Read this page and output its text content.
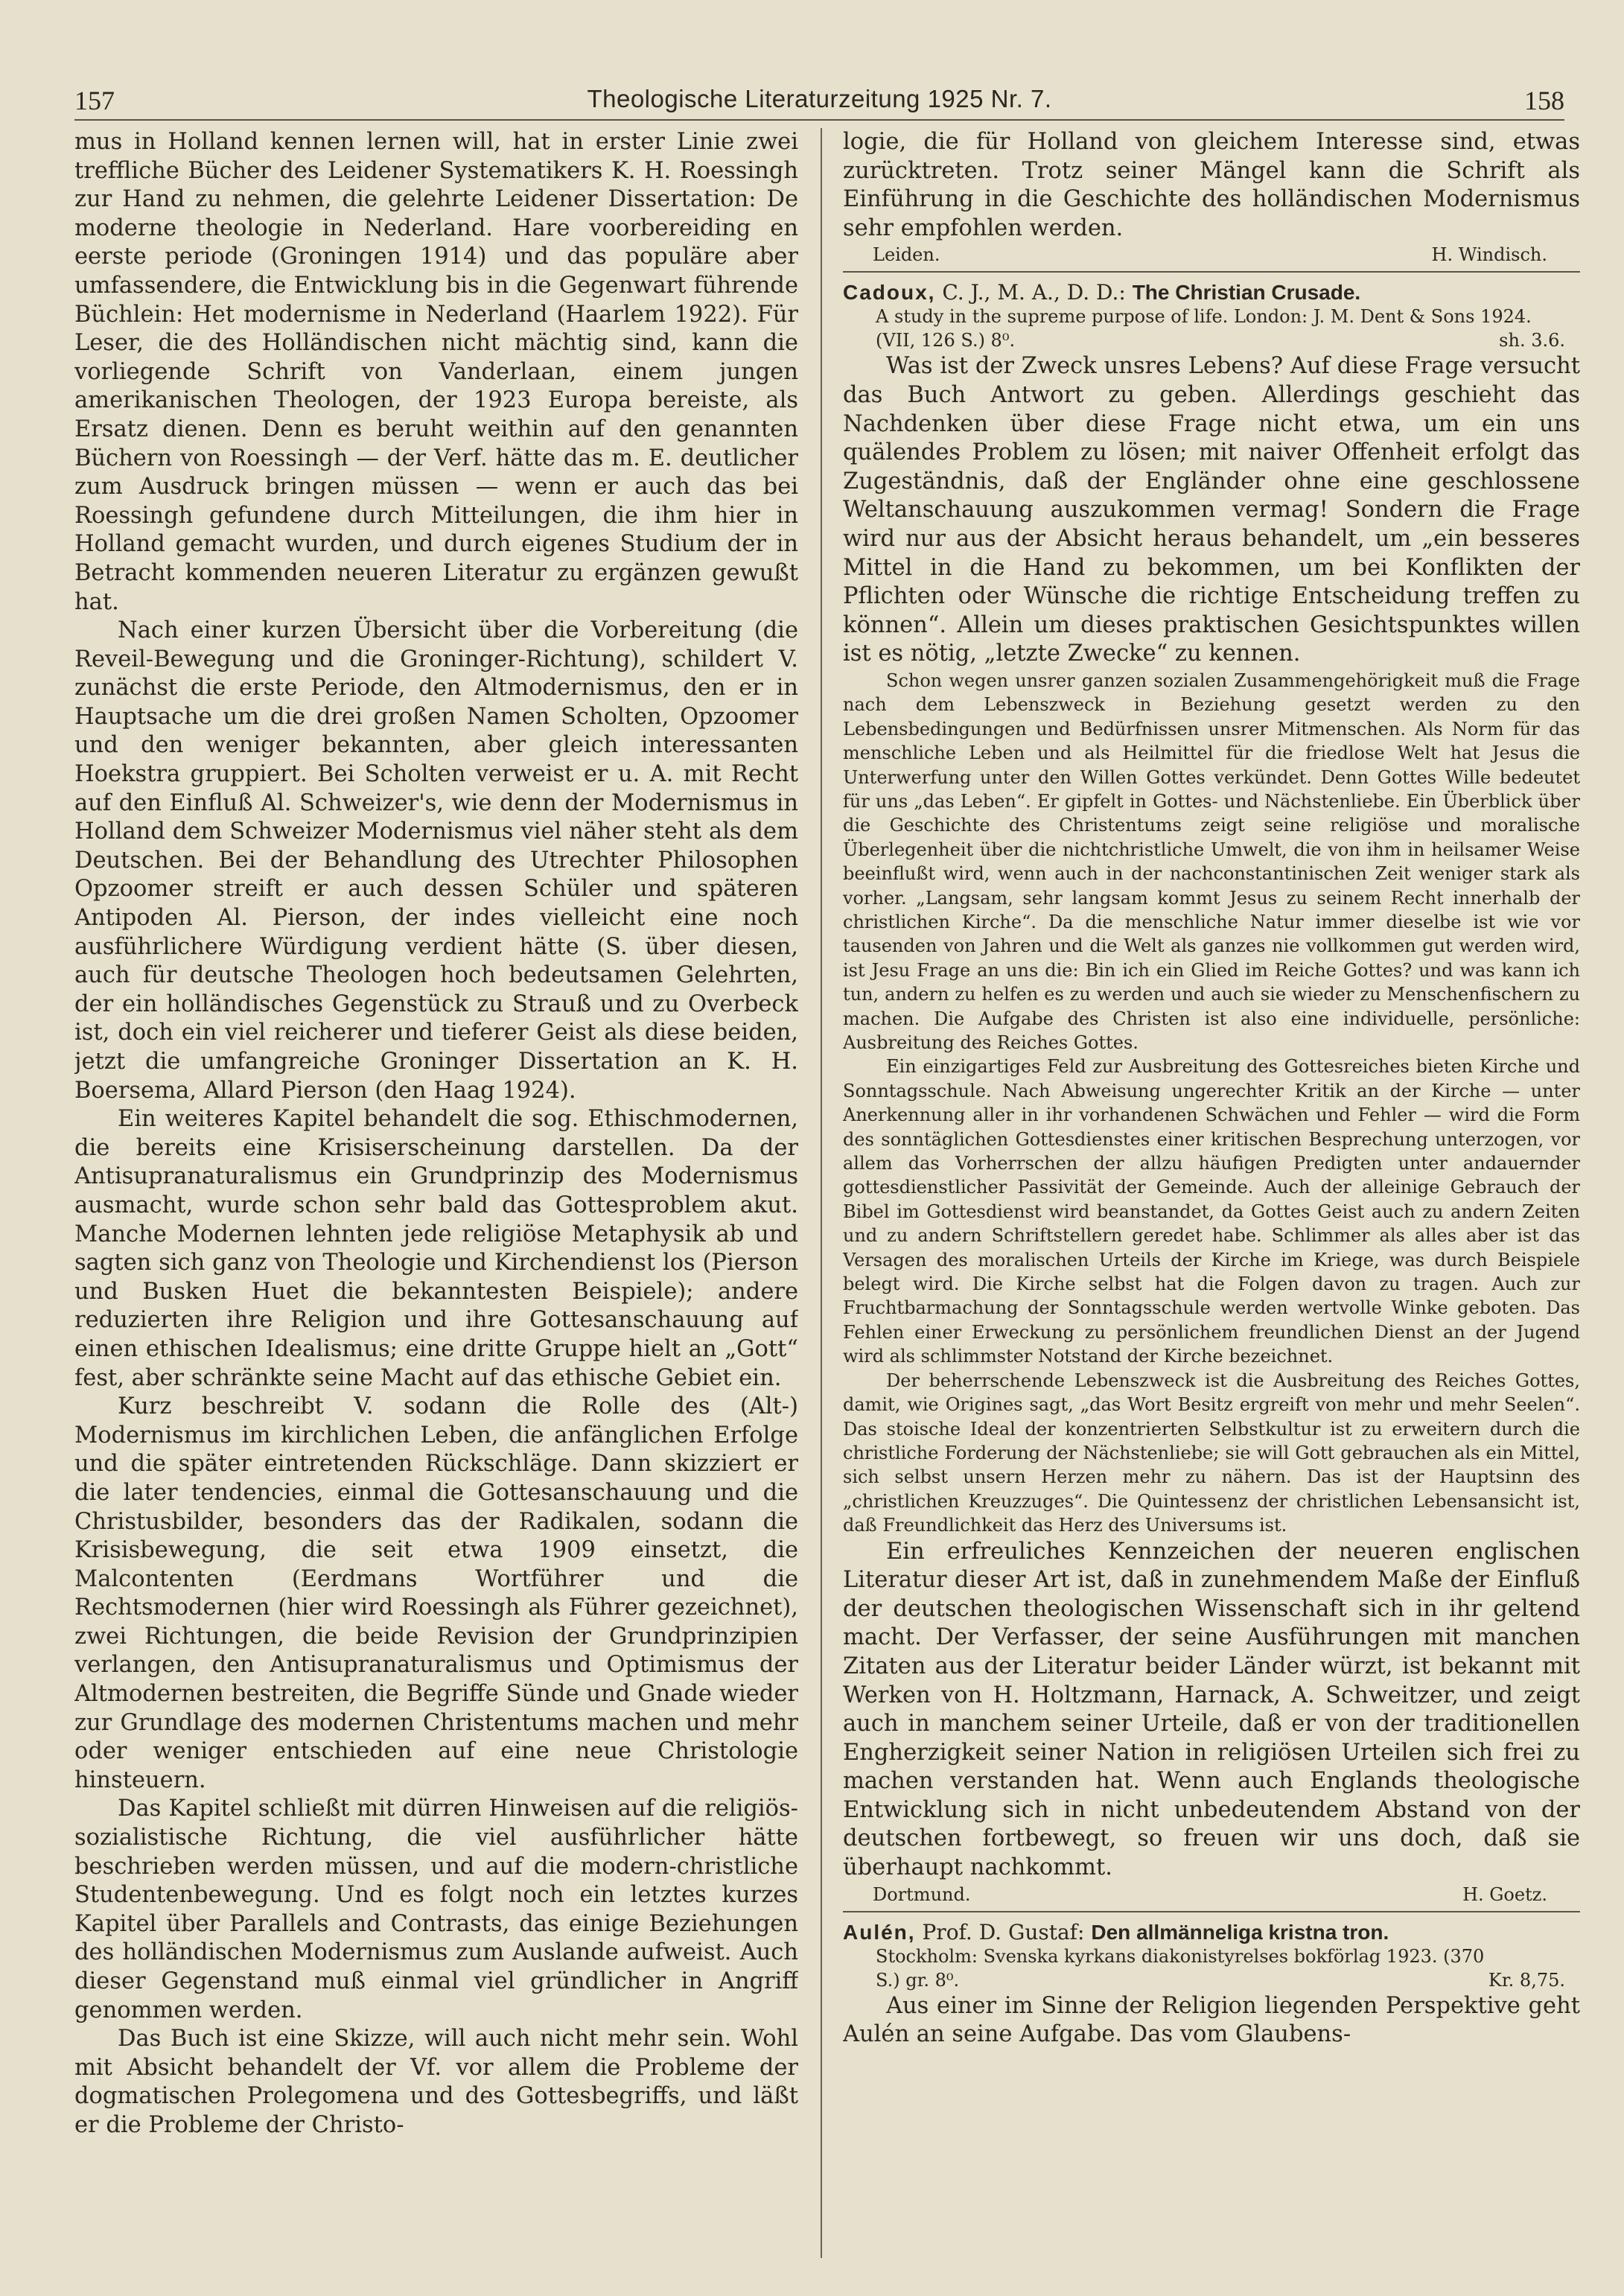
157	Theologische Literaturzeitung 1925 Nr. 7.	158

mus in Holland kennen lernen will, hat in erster Linie zwei treffliche Bücher des Leidener Systematikers K. H. Roessingh zur Hand zu nehmen, die gelehrte Leidener Dissertation: De moderne theologie in Nederland. Hare voorbereiding en eerste periode (Groningen 1914) und das populäre aber umfassendere, die Entwicklung bis in die Gegenwart führende Büchlein: Het modernisme in Nederland (Haarlem 1922). Für Leser, die des Holländischen nicht mächtig sind, kann die vorliegende Schrift von Vanderlaan, einem jungen amerikanischen Theologen, der 1923 Europa bereiste, als Ersatz dienen. Denn es beruht weithin auf den genannten Büchern von Roessingh — der Verf. hätte das m. E. deutlicher zum Ausdruck bringen müssen — wenn er auch das bei Roessingh gefundene durch Mitteilungen, die ihm hier in Holland gemacht wurden, und durch eigenes Studium der in Betracht kommenden neueren Literatur zu ergänzen gewußt hat.

Nach einer kurzen Übersicht über die Vorbereitung (die Reveil-Bewegung und die Groninger-Richtung), schildert V. zunächst die erste Periode, den Altmodernismus, den er in Hauptsache um die drei großen Namen Scholten, Opzoomer und den weniger bekannten, aber gleich interessanten Hoekstra gruppiert. Bei Scholten verweist er u. A. mit Recht auf den Einfluß Al. Schweizer's, wie denn der Modernismus in Holland dem Schweizer Modernismus viel näher steht als dem Deutschen. Bei der Behandlung des Utrechter Philosophen Opzoomer streift er auch dessen Schüler und späteren Antipoden Al. Pierson, der indes vielleicht eine noch ausführlichere Würdigung verdient hätte (S. über diesen, auch für deutsche Theologen hoch bedeutsamen Gelehrten, der ein holländisches Gegenstück zu Strauß und zu Overbeck ist, doch ein viel reicherer und tieferer Geist als diese beiden, jetzt die umfangreiche Groninger Dissertation an K. H. Boersema, Allard Pierson (den Haag 1924).

Ein weiteres Kapitel behandelt die sog. Ethischmodernen, die bereits eine Krisiserscheinung darstellen. Da der Antisupranaturalismus ein Grundprinzip des Modernismus ausmacht, wurde schon sehr bald das Gottesproblem akut. Manche Modernen lehnten jede religiöse Metaphysik ab und sagten sich ganz von Theologie und Kirchendienst los (Pierson und Busken Huet die bekanntesten Beispiele); andere reduzierten ihre Religion und ihre Gottesanschauung auf einen ethischen Idealismus; eine dritte Gruppe hielt an „Gott“ fest, aber schränkte seine Macht auf das ethische Gebiet ein.

Kurz beschreibt V. sodann die Rolle des (Alt-) Modernismus im kirchlichen Leben, die anfänglichen Erfolge und die später eintretenden Rückschläge. Dann skizziert er die later tendencies, einmal die Gottesanschauung und die Christusbilder, besonders das der Radikalen, sodann die Krisisbewegung, die seit etwa 1909 einsetzt, die Malcontenten (Eerdmans Wortführer und die Rechtsmodernen (hier wird Roessingh als Führer gezeichnet), zwei Richtungen, die beide Revision der Grundprinzipien verlangen, den Antisupranaturalismus und Optimismus der Altmodernen bestreiten, die Begriffe Sünde und Gnade wieder zur Grundlage des modernen Christentums machen und mehr oder weniger entschieden auf eine neue Christologie hinsteuern.

Das Kapitel schließt mit dürren Hinweisen auf die religiös-sozialistische Richtung, die viel ausführlicher hätte beschrieben werden müssen, und auf die modern-christliche Studentenbewegung. Und es folgt noch ein letztes kurzes Kapitel über Parallels and Contrasts, das einige Beziehungen des holländischen Modernismus zum Auslande aufweist. Auch dieser Gegenstand muß einmal viel gründlicher in Angriff genommen werden.

Das Buch ist eine Skizze, will auch nicht mehr sein. Wohl mit Absicht behandelt der Vf. vor allem die Probleme der dogmatischen Prolegomena und des Gottesbegriffs, und läßt er die Probleme der Christo-

logie, die für Holland von gleichem Interesse sind, etwas zurücktreten. Trotz seiner Mängel kann die Schrift als Einführung in die Geschichte des holländischen Modernismus sehr empfohlen werden.

Leiden.	H. Windisch.
Cadoux, C. J., M. A., D. D.: The Christian Crusade.
A study in the supreme purpose of life. London: J. M. Dent & Sons 1924.
(VII, 126 S.) 8⁰.	sh. 3.6.

Was ist der Zweck unsres Lebens? Auf diese Frage versucht das Buch Antwort zu geben. Allerdings geschieht das Nachdenken über diese Frage nicht etwa, um ein uns quälendes Problem zu lösen; mit naiver Offenheit erfolgt das Zugeständnis, daß der Engländer ohne eine geschlossene Weltanschauung auszukommen vermag! Sondern die Frage wird nur aus der Absicht heraus behandelt, um „ein besseres Mittel in die Hand zu bekommen, um bei Konflikten der Pflichten oder Wünsche die richtige Entscheidung treffen zu können“. Allein um dieses praktischen Gesichtspunktes willen ist es nötig, „letzte Zwecke“ zu kennen.

Schon wegen unsrer ganzen sozialen Zusammengehörigkeit muß die Frage nach dem Lebenszweck in Beziehung gesetzt werden zu den Lebensbedingungen und Bedürfnissen unsrer Mitmenschen. Als Norm für das menschliche Leben und als Heilmittel für die friedlose Welt hat Jesus die Unterwerfung unter den Willen Gottes verkündet. Denn Gottes Wille bedeutet für uns „das Leben“. Er gipfelt in Gottes- und Nächstenliebe. Ein Überblick über die Geschichte des Christentums zeigt seine religiöse und moralische Überlegenheit über die nichtchristliche Umwelt, die von ihm in heilsamer Weise beeinflußt wird, wenn auch in der nachconstantinischen Zeit weniger stark als vorher. „Langsam, sehr langsam kommt Jesus zu seinem Recht innerhalb der christlichen Kirche“. Da die menschliche Natur immer dieselbe ist wie vor tausenden von Jahren und die Welt als ganzes nie vollkommen gut werden wird, ist Jesu Frage an uns die: Bin ich ein Glied im Reiche Gottes? und was kann ich tun, andern zu helfen es zu werden und auch sie wieder zu Menschenfischern zu machen. Die Aufgabe des Christen ist also eine individuelle, persönliche: Ausbreitung des Reiches Gottes.

Ein einzigartiges Feld zur Ausbreitung des Gottesreiches bieten Kirche und Sonntagsschule. Nach Abweisung ungerechter Kritik an der Kirche — unter Anerkennung aller in ihr vorhandenen Schwächen und Fehler — wird die Form des sonntäglichen Gottesdienstes einer kritischen Besprechung unterzogen, vor allem das Vorherrschen der allzu häufigen Predigten unter andauernder gottesdienstlicher Passivität der Gemeinde. Auch der alleinige Gebrauch der Bibel im Gottesdienst wird beanstandet, da Gottes Geist auch zu andern Zeiten und zu andern Schriftstellern geredet habe. Schlimmer als alles aber ist das Versagen des moralischen Urteils der Kirche im Kriege, was durch Beispiele belegt wird. Die Kirche selbst hat die Folgen davon zu tragen. Auch zur Fruchtbarmachung der Sonntagsschule werden wertvolle Winke geboten. Das Fehlen einer Erweckung zu persönlichem freundlichen Dienst an der Jugend wird als schlimmster Notstand der Kirche bezeichnet.

Der beherrschende Lebenszweck ist die Ausbreitung des Reiches Gottes, damit, wie Origines sagt, „das Wort Besitz ergreift von mehr und mehr Seelen“. Das stoische Ideal der konzentrierten Selbstkultur ist zu erweitern durch die christliche Forderung der Nächstenliebe; sie will Gott gebrauchen als ein Mittel, sich selbst unsern Herzen mehr zu nähern. Das ist der Hauptsinn des „christlichen Kreuzzuges“. Die Quintessenz der christlichen Lebensansicht ist, daß Freundlichkeit das Herz des Universums ist.

Ein erfreuliches Kennzeichen der neueren englischen Literatur dieser Art ist, daß in zunehmendem Maße der Einfluß der deutschen theologischen Wissenschaft sich in ihr geltend macht. Der Verfasser, der seine Ausführungen mit manchen Zitaten aus der Literatur beider Länder würzt, ist bekannt mit Werken von H. Holtzmann, Harnack, A. Schweitzer, und zeigt auch in manchem seiner Urteile, daß er von der traditionellen Engherzigkeit seiner Nation in religiösen Urteilen sich frei zu machen verstanden hat. Wenn auch Englands theologische Entwicklung sich in nicht unbedeutendem Abstand von der deutschen fortbewegt, so freuen wir uns doch, daß sie überhaupt nachkommt.

Dortmund.	H. Goetz.
Aulén, Prof. D. Gustaf: Den allmänneliga kristna tron.
Stockholm: Svenska kyrkans diakonistyrelses bokförlag 1923. (370
S.) gr. 8⁰.	Kr. 8,75.

Aus einer im Sinne der Religion liegenden Perspektive geht Aulén an seine Aufgabe. Das vom Glaubens-
